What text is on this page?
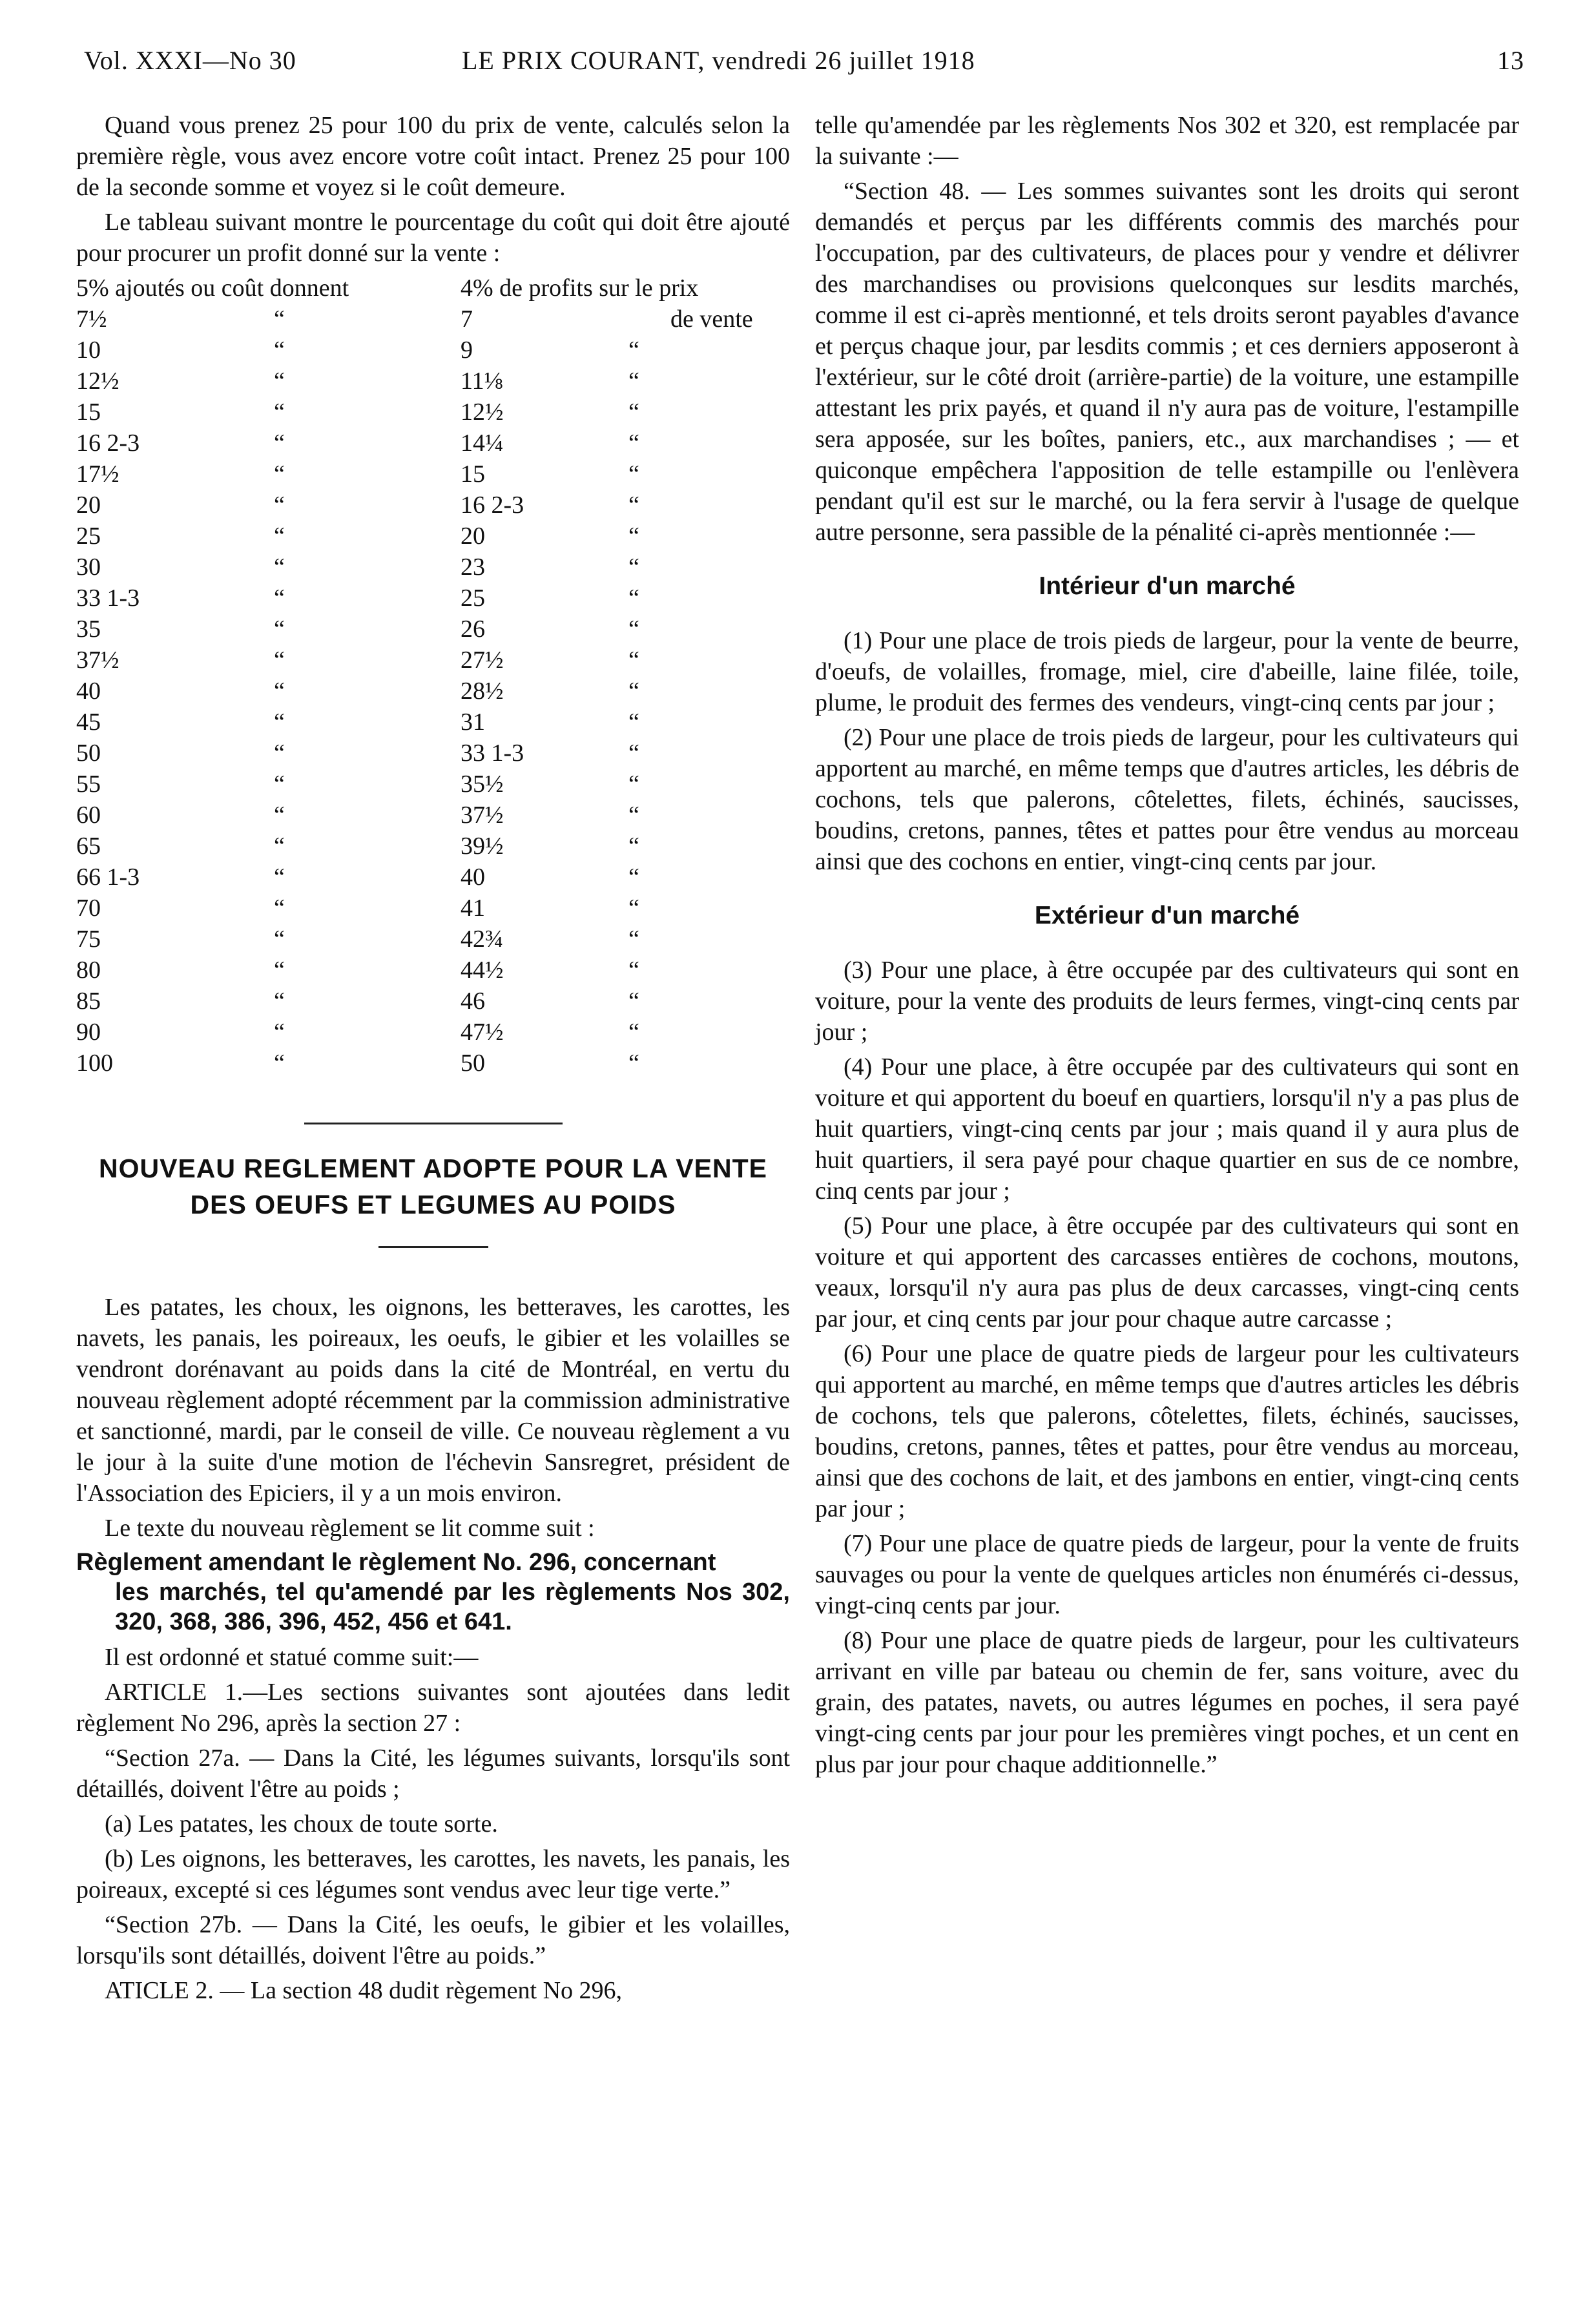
Vol. XXXI—No 30	LE PRIX COURANT, vendredi 26 juillet 1918	13

Quand vous prenez 25 pour 100 du prix de vente, calculés selon la première règle, vous avez encore votre coût intact. Prenez 25 pour 100 de la seconde somme et voyez si le coût demeure.

Le tableau suivant montre le pourcentage du coût qui doit être ajouté pour procurer un profit donné sur la vente :

5% ajoutés ou coût donnent	4% de profits sur le prix
7½	“	7	de vente
10	“	9	“
12½	“	11⅛	“
15	“	12½	“
16 2-3	“	14¼	“
17½	“	15	“
20	“	16 2-3	“
25	“	20	“
30	“	23	“
33 1-3	“	25	“
35	“	26	“
37½	“	27½	“
40	“	28½	“
45	“	31	“
50	“	33 1-3	“
55	“	35½	“
60	“	37½	“
65	“	39½	“
66 1-3	“	40	“
70	“	41	“
75	“	42¾	“
80	“	44½	“
85	“	46	“
90	“	47½	“
100	“	50	“
NOUVEAU REGLEMENT ADOPTE POUR LA VENTE DES OEUFS ET LEGUMES AU POIDS

Les patates, les choux, les oignons, les betteraves, les carottes, les navets, les panais, les poireaux, les oeufs, le gibier et les volailles se vendront dorénavant au poids dans la cité de Montréal, en vertu du nouveau règlement adopté récemment par la commission administrative et sanctionné, mardi, par le conseil de ville. Ce nouveau règlement a vu le jour à la suite d'une motion de l'échevin Sansregret, président de l'Association des Epiciers, il y a un mois environ.

Le texte du nouveau règlement se lit comme suit :

Règlement amendant le règlement No. 296, concernant
les marchés, tel qu'amendé par les règlements Nos 302, 320, 368, 386, 396, 452, 456 et 641.

Il est ordonné et statué comme suit:—

ARTICLE 1.—Les sections suivantes sont ajoutées dans ledit règlement No 296, après la section 27 :

“Section 27a. — Dans la Cité, les légumes suivants, lorsqu'ils sont détaillés, doivent l'être au poids ;

(a) Les patates, les choux de toute sorte.

(b) Les oignons, les betteraves, les carottes, les navets, les panais, les poireaux, excepté si ces légumes sont vendus avec leur tige verte.”

“Section 27b. — Dans la Cité, les oeufs, le gibier et les volailles, lorsqu'ils sont détaillés, doivent l'être au poids.”

ATICLE 2. — La section 48 dudit règement No 296,

telle qu'amendée par les règlements Nos 302 et 320, est remplacée par la suivante :—

“Section 48. — Les sommes suivantes sont les droits qui seront demandés et perçus par les différents commis des marchés pour l'occupation, par des cultivateurs, de places pour y vendre et délivrer des marchandises ou provisions quelconques sur lesdits marchés, comme il est ci-après mentionné, et tels droits seront payables d'avance et perçus chaque jour, par lesdits commis ; et ces derniers apposeront à l'extérieur, sur le côté droit (arrière-partie) de la voiture, une estampille attestant les prix payés, et quand il n'y aura pas de voiture, l'estampille sera apposée, sur les boîtes, paniers, etc., aux marchandises ; — et quiconque empêchera l'apposition de telle estampille ou l'enlèvera pendant qu'il est sur le marché, ou la fera servir à l'usage de quelque autre personne, sera passible de la pénalité ci-après mentionnée :—

Intérieur d'un marché

(1) Pour une place de trois pieds de largeur, pour la vente de beurre, d'oeufs, de volailles, fromage, miel, cire d'abeille, laine filée, toile, plume, le produit des fermes des vendeurs, vingt-cinq cents par jour ;

(2) Pour une place de trois pieds de largeur, pour les cultivateurs qui apportent au marché, en même temps que d'autres articles, les débris de cochons, tels que palerons, côtelettes, filets, échinés, saucisses, boudins, cretons, pannes, têtes et pattes pour être vendus au morceau ainsi que des cochons en entier, vingt-cinq cents par jour.

Extérieur d'un marché

(3) Pour une place, à être occupée par des cultivateurs qui sont en voiture, pour la vente des produits de leurs fermes, vingt-cinq cents par jour ;

(4) Pour une place, à être occupée par des cultivateurs qui sont en voiture et qui apportent du boeuf en quartiers, lorsqu'il n'y a pas plus de huit quartiers, vingt-cinq cents par jour ; mais quand il y aura plus de huit quartiers, il sera payé pour chaque quartier en sus de ce nombre, cinq cents par jour ;

(5) Pour une place, à être occupée par des cultivateurs qui sont en voiture et qui apportent des carcasses entières de cochons, moutons, veaux, lorsqu'il n'y aura pas plus de deux carcasses, vingt-cinq cents par jour, et cinq cents par jour pour chaque autre carcasse ;

(6) Pour une place de quatre pieds de largeur pour les cultivateurs qui apportent au marché, en même temps que d'autres articles les débris de cochons, tels que palerons, côtelettes, filets, échinés, saucisses, boudins, cretons, pannes, têtes et pattes, pour être vendus au morceau, ainsi que des cochons de lait, et des jambons en entier, vingt-cinq cents par jour ;

(7) Pour une place de quatre pieds de largeur, pour la vente de fruits sauvages ou pour la vente de quelques articles non énumérés ci-dessus, vingt-cinq cents par jour.

(8) Pour une place de quatre pieds de largeur, pour les cultivateurs arrivant en ville par bateau ou chemin de fer, sans voiture, avec du grain, des patates, navets, ou autres légumes en poches, il sera payé vingt-cing cents par jour pour les premières vingt poches, et un cent en plus par jour pour chaque additionnelle.”
